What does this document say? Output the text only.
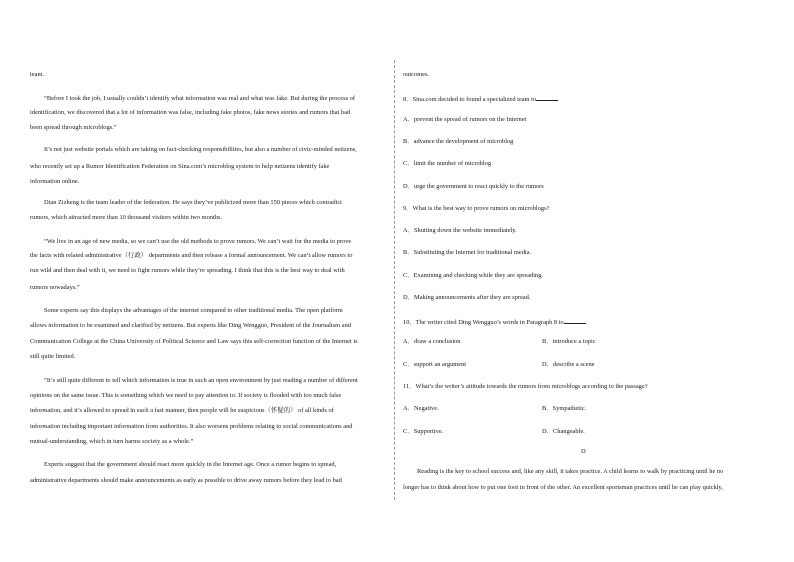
team.
“Before I took the job, I usually couldn’t identify what information was real and what was fake. But during the process of
identification, we discovered that a lot of information was false, including fake photos, fake news stories and rumors that had
been spread through microblogs.”
It’s not just website portals which are taking on fact-checking responsibilities, but also a number of civic-minded netizens,
who recently set up a Rumor Identification Federation on Sina.com’s microblog system to help netizens identify fake
information online.
Dian Zizheng is the team leader of the federation. He says they’ve publicized more than 150 pieces which contradict
rumors, which attracted more than 10 thousand visitors within two months.
“We live in an age of new media, so we can’t use the old methods to prove rumors. We can’t wait for the media to prove
the facts with related administrative（行政） departments and then release a formal announcement. We can’t allow rumors to
run wild and then deal with it, we need to fight rumors while they’re spreading. I think that this is the best way to deal with
rumors nowadays.”
Some experts say this displays the advantages of the internet compared to other traditional media. The open platform
allows information to be examined and clarified by netizens. But experts like Ding Wengguo, President of the Journalism and
Communication College at the China University of Political Science and Law says this self-correction function of the Internet is
still quite limited.
“It’s still quite different to tell which information is true in such an open environment by just reading a number of different
opinions on the same issue. This is something which we need to pay attention to. If society is flooded with too much false
information, and it’s allowed to spread in such a fast manner, then people will be suspicious（怀疑的） of all kinds of
information including important information from authorities. It also worsens problems relating to social communications and
mutual-understanding, which in turn harms society as a whole.”
Experts suggest that the government should react more quickly in the Internet age. Once a rumor begins to spread,
administrative departments should make announcements as early as possible to drive away rumors before they lead to bad
outcomes.
8．Sina.com decided to found a specialized team to
A．prevent the spread of rumors on the Internet
B．advance the development of microblog
C．limit the number of microblog
D．urge the government to react quickly to the rumors
9．What is the best way to prove rumors on microblogs?
A．Shutting down the website immediately.
B．Substituting the Internet for traditional media.
C．Examining and checking while they are spreading.
D．Making announcements after they are spread.
10．The writer cited Ding Wengguo’s words in Paragraph 8 to
A．draw a conclusion	B．introduce a topic
C．support an argument	D．describe a scene
11．What’s the writer’s attitude towards the rumors from microblogs according to the passage?
A．Negative.	B．Sympathetic.
C．Supportive.	D．Changeable.
D
Reading is the key to school success and, like any skill, it takes practice. A child learns to walk by practicing until he no
longer has to think about how to put one foot in front of the other. An excellent sportsman practices until he can play quickly,
